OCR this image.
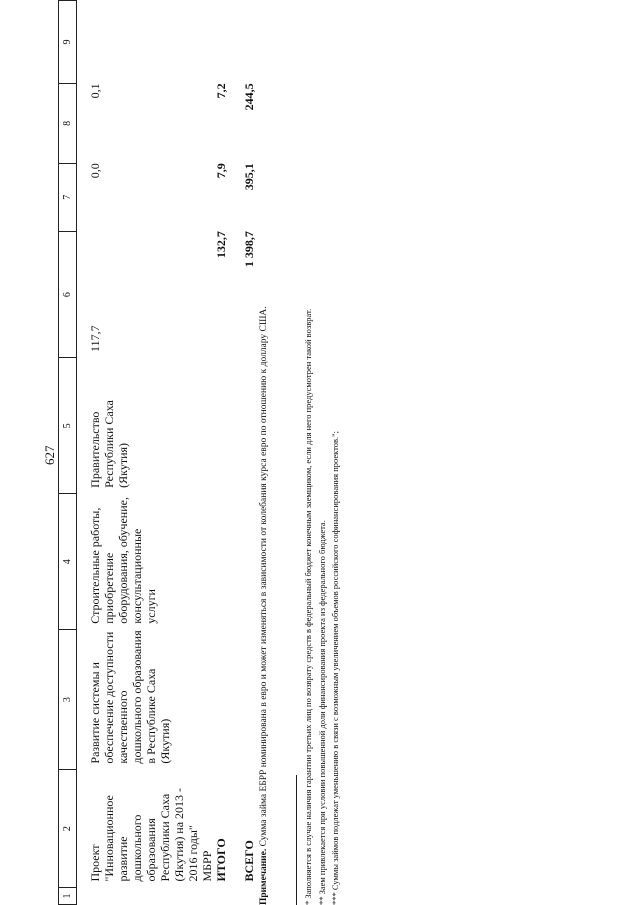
627
1	2	3	4	5	6	7	8	9

	Проект "Инновационное развитие дошкольного образования Республики Саха (Якутия) на 2013 - 2016 годы" МБРР	Развитие системы и обеспечение доступности качественного дошкольного образования в Республике Саха (Якутия)	Строительные работы, приобретение оборудования, обучение, консультационные услуги	Правительство Республики Саха (Якутия)	117,7	0,0	0,1	
	ИТОГО				132,7	7,9	7,2	
	ВСЕГО				1 398,7	395,1	244,5	
Примечание. Сумма займа ЕБРР номинирована в евро и может изменяться в зависимости от колебания курса евро по отношению к доллару США.	* Заполняется в случае наличия гарантии третьих лиц по возврату средств в федеральный бюджет конечным заемщиком, если для него предусмотрен такой возврат. ** Заем привлекается при условии повышенной доли финансирования проекта из федерального бюджета. *** Суммы займов подлежат уменьшению в связи с возможным увеличением объемов российского софинансирования проектов.";
